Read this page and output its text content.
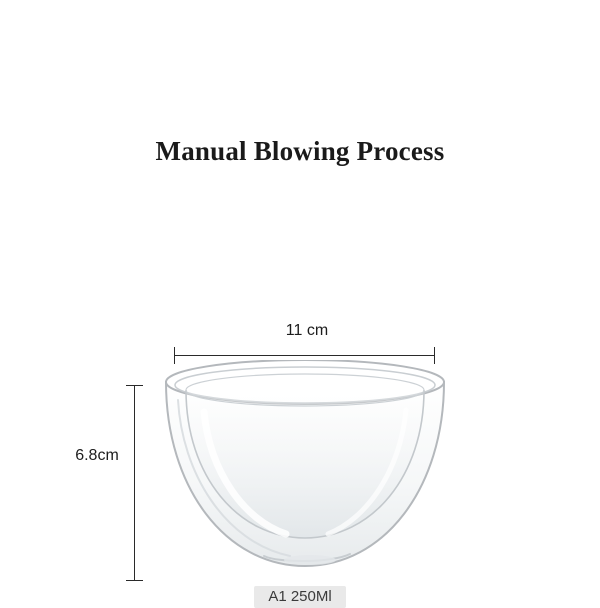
Manual Blowing Process
11 cm
6.8cm
A1 250Ml
